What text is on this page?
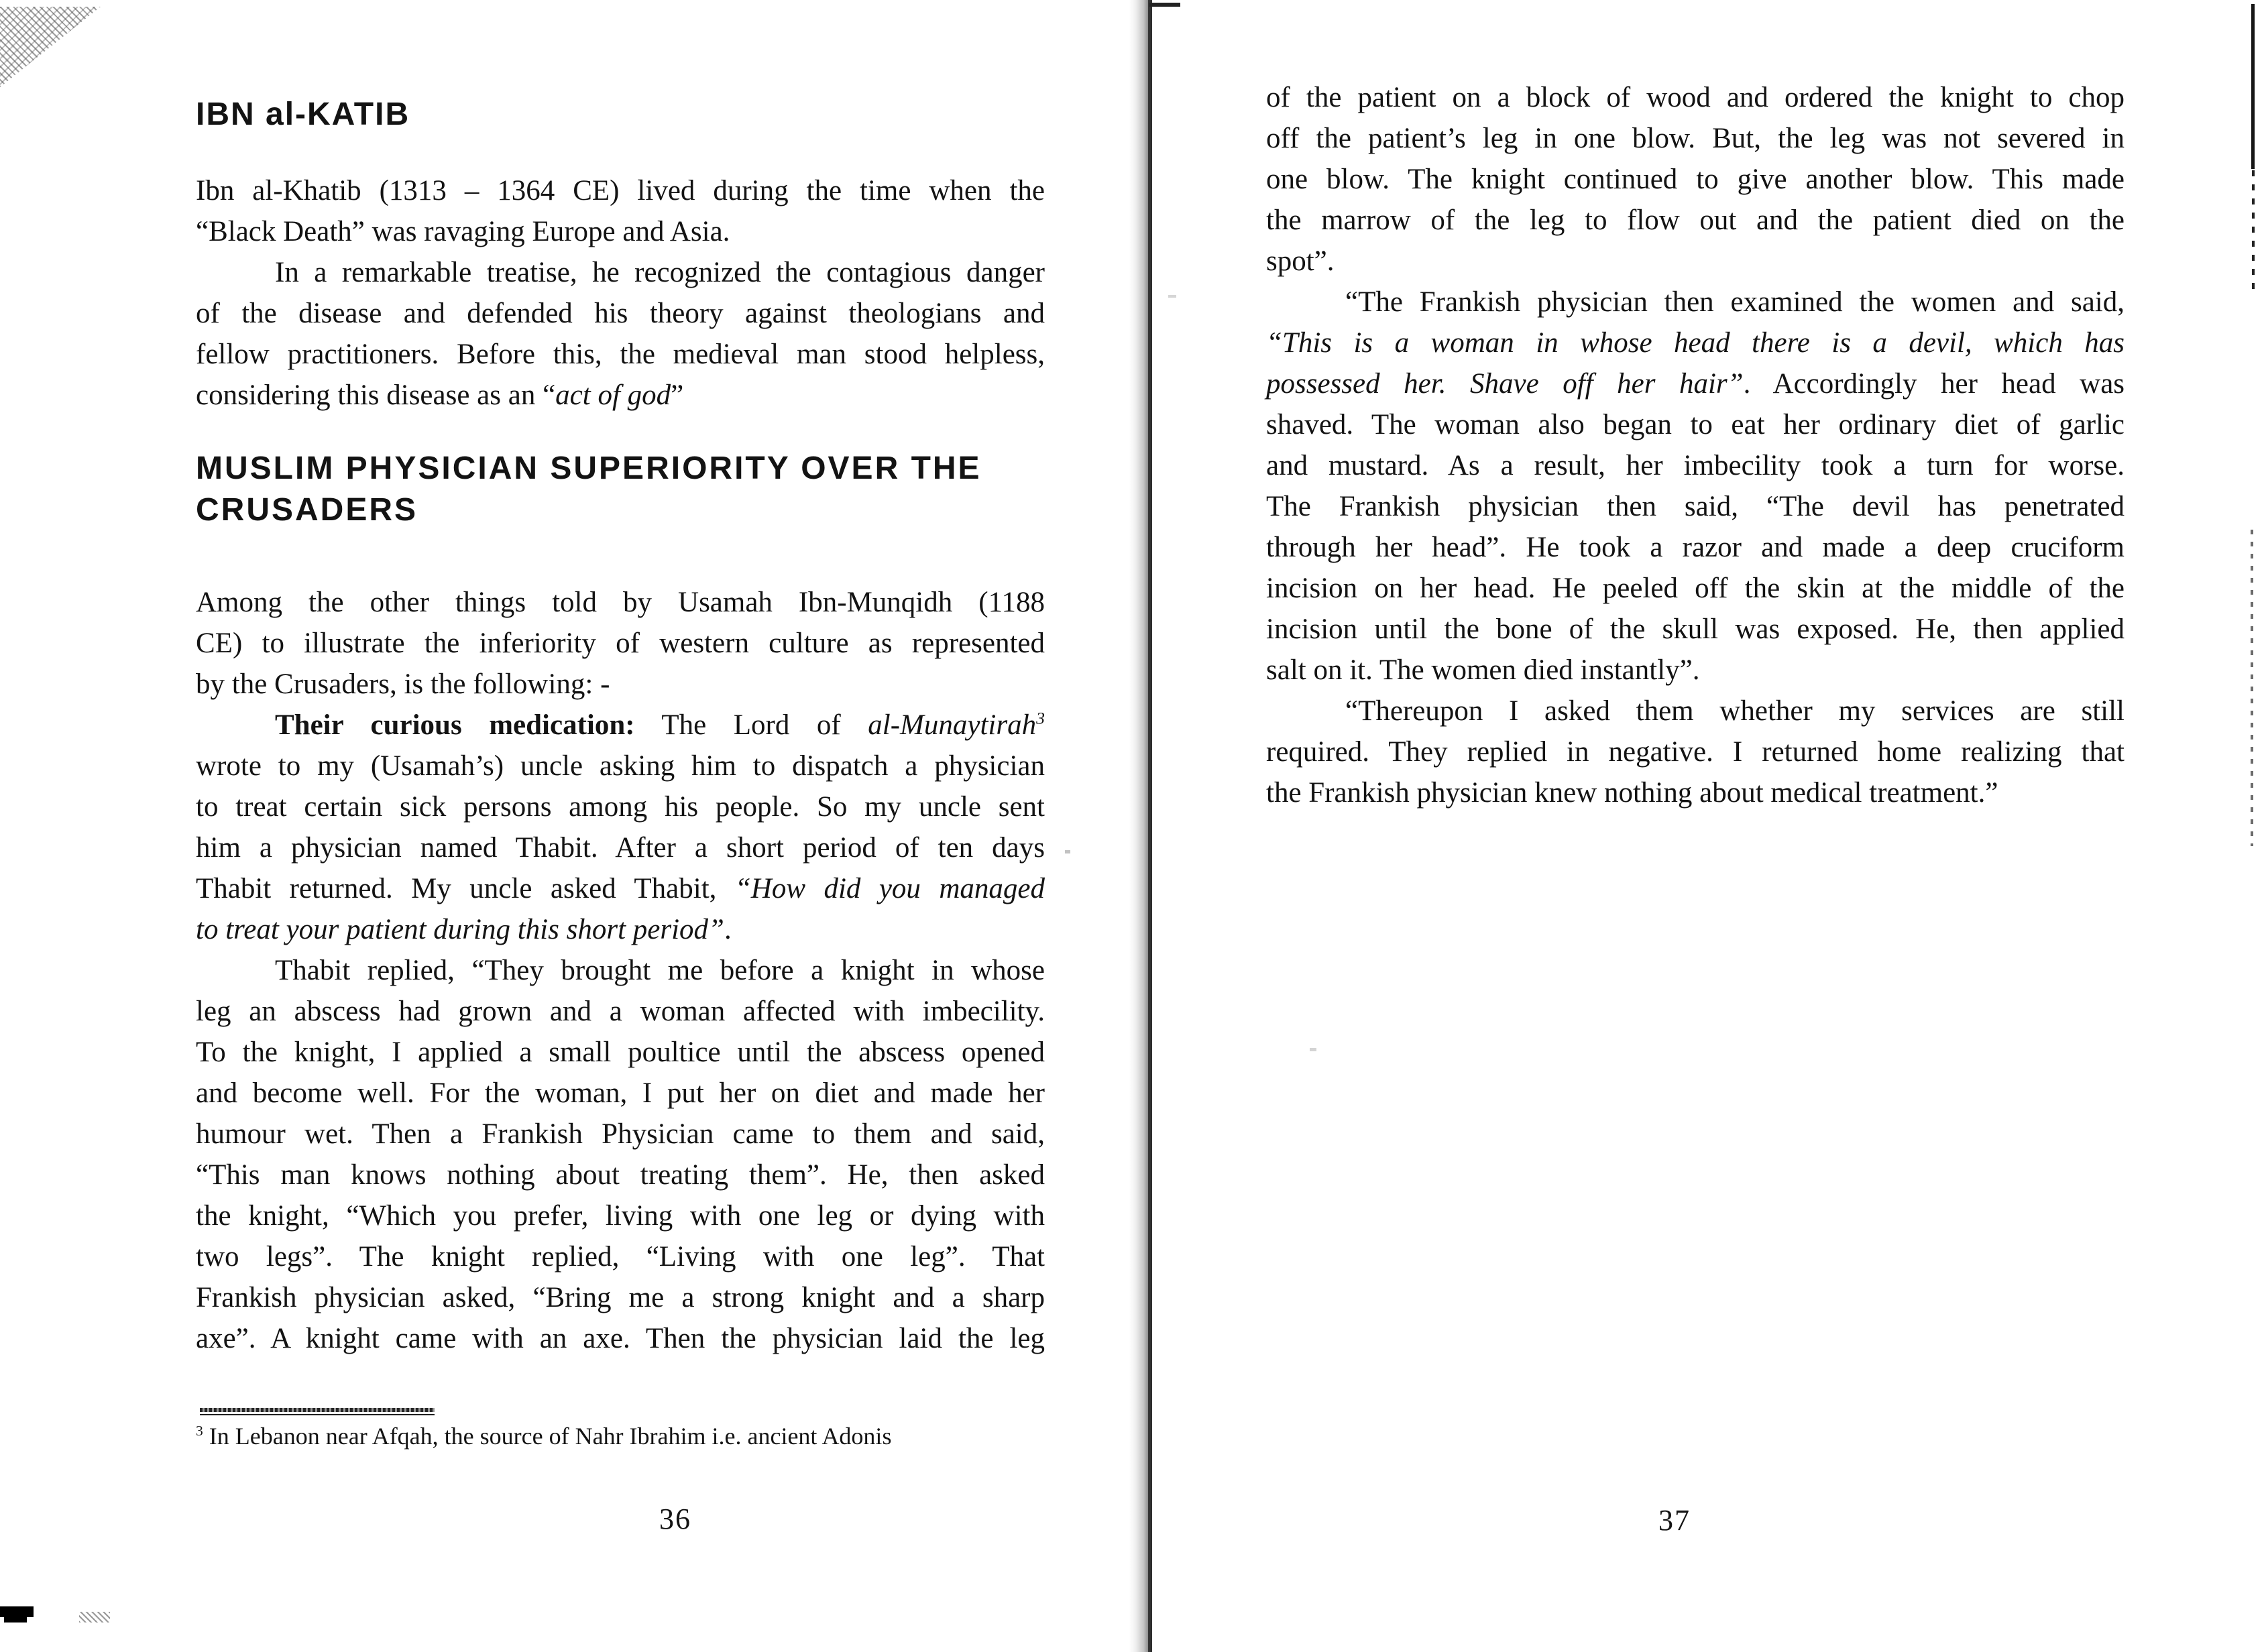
IBN al-KATIB
Ibn al-Khatib (1313 – 1364 CE) lived during the time when the
“Black Death” was ravaging Europe and Asia.
In a remarkable treatise, he recognized the contagious danger
of the disease and defended his theory against theologians and
fellow practitioners. Before this, the medieval man stood helpless,
considering this disease as an “act of god”
MUSLIM PHYSICIAN SUPERIORITY OVER THE
CRUSADERS
Among the other things told by Usamah Ibn-Munqidh (1188
CE) to illustrate the inferiority of western culture as represented
by the Crusaders, is the following: -
Their curious medication: The Lord of al-Munaytirah$^3$
wrote to my (Usamah’s) uncle asking him to dispatch a physician
to treat certain sick persons among his people. So my uncle sent
him a physician named Thabit. After a short period of ten days
Thabit returned. My uncle asked Thabit, “How did you managed
to treat your patient during this short period”.
Thabit replied, “They brought me before a knight in whose
leg an abscess had grown and a woman affected with imbecility.
To the knight, I applied a small poultice until the abscess opened
and become well. For the woman, I put her on diet and made her
humour wet. Then a Frankish Physician came to them and said,
“This man knows nothing about treating them”. He, then asked
the knight, “Which you prefer, living with one leg or dying with
two legs”. The knight replied, “Living with one leg”. That
Frankish physician asked, “Bring me a strong knight and a sharp
axe”. A knight came with an axe. Then the physician laid the leg
of the patient on a block of wood and ordered the knight to chop
off the patient’s leg in one blow. But, the leg was not severed in
one blow. The knight continued to give another blow. This made
the marrow of the leg to flow out and the patient died on the
spot”.
“The Frankish physician then examined the women and said,
“This is a woman in whose head there is a devil, which has
possessed her. Shave off her hair”. Accordingly her head was
shaved. The woman also began to eat her ordinary diet of garlic
and mustard. As a result, her imbecility took a turn for worse.
The Frankish physician then said, “The devil has penetrated
through her head”. He took a razor and made a deep cruciform
incision on her head. He peeled off the skin at the middle of the
incision until the bone of the skull was exposed. He, then applied
salt on it. The women died instantly”.
“Thereupon I asked them whether my services are still
required. They replied in negative. I returned home realizing that
the Frankish physician knew nothing about medical treatment.”
$^3$ In Lebanon near Afqah, the source of Nahr Ibrahim i.e. ancient Adonis
36	37
